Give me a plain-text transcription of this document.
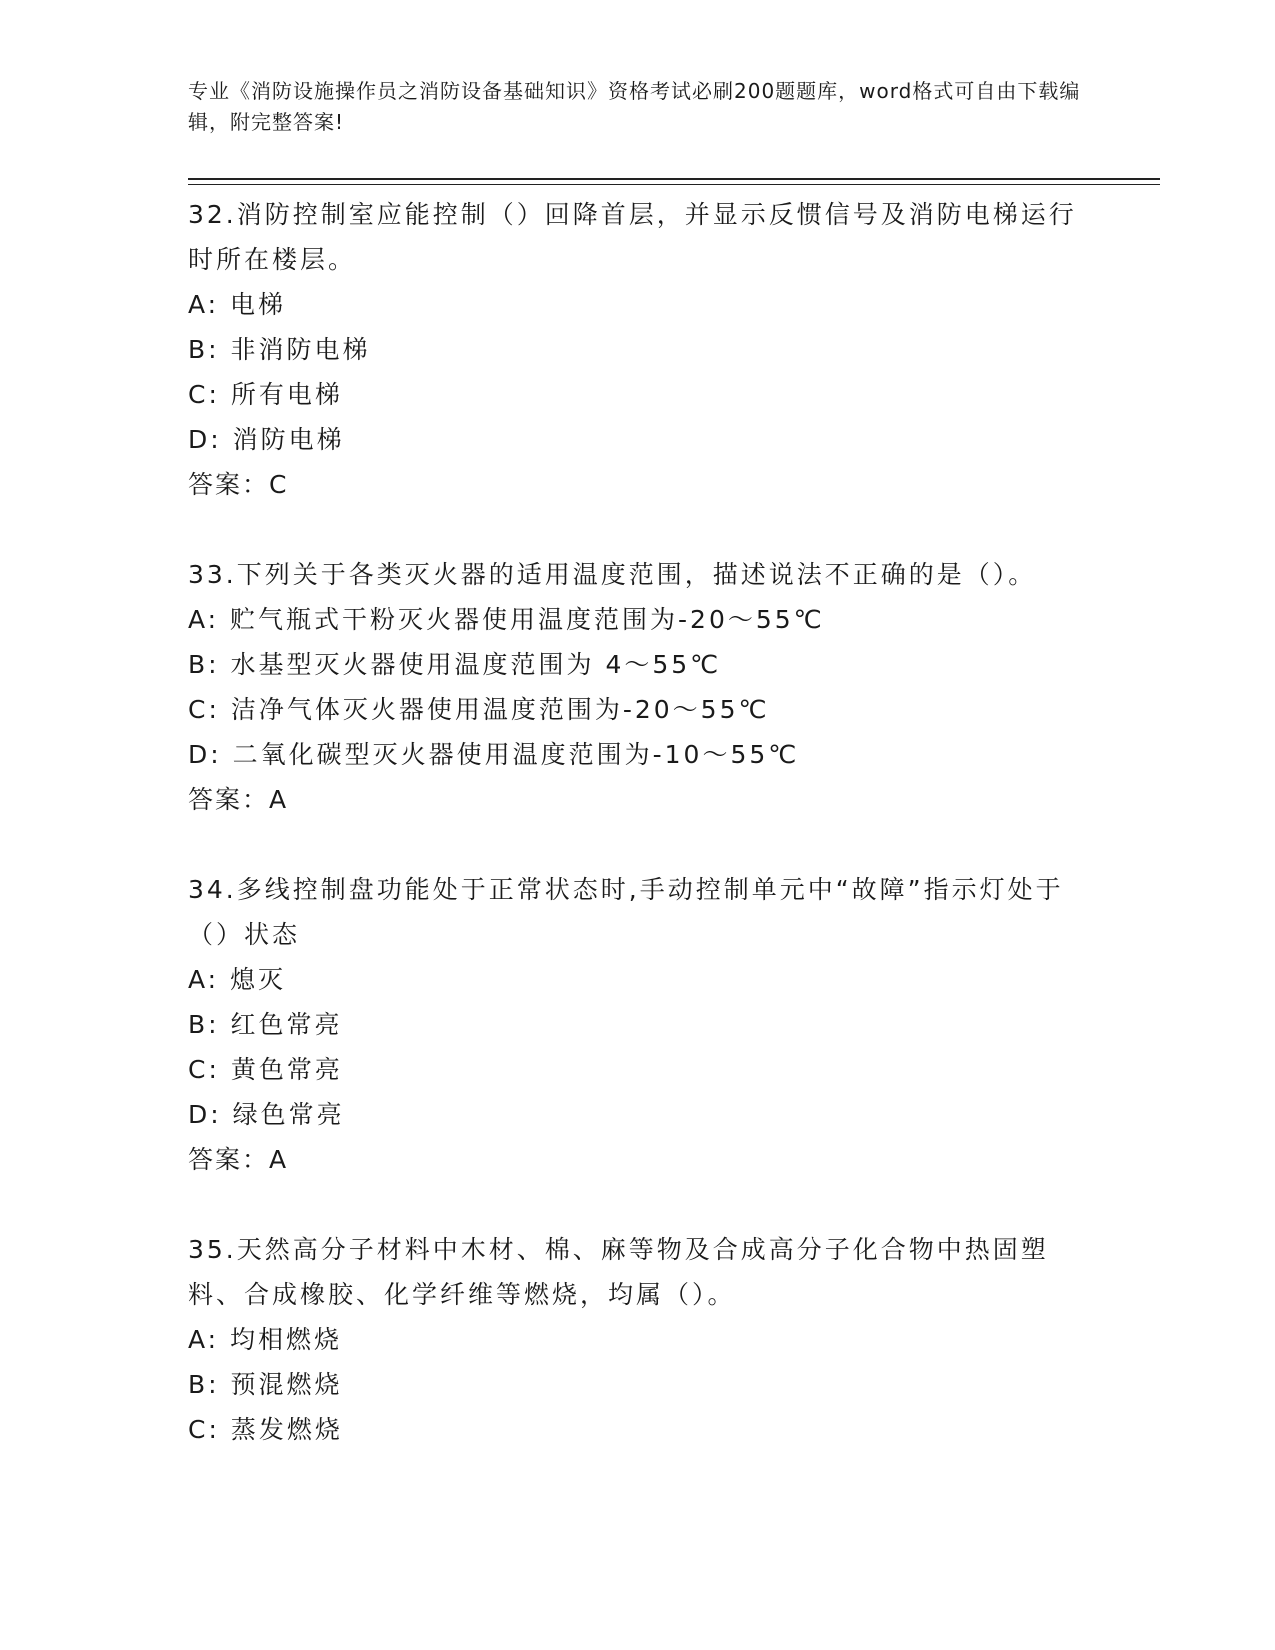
专业《消防设施操作员之消防设备基础知识》资格考试必刷200题题库，word格式可自由下载编辑，附完整答案!

32.消防控制室应能控制（）回降首层，并显示反惯信号及消防电梯运行时所在楼层。

A: 电梯

B: 非消防电梯

C: 所有电梯

D: 消防电梯

答案：C

33.下列关于各类灭火器的适用温度范围，描述说法不正确的是（）。

A: 贮气瓶式干粉灭火器使用温度范围为-20～55℃

B: 水基型灭火器使用温度范围为 4～55℃

C: 洁净气体灭火器使用温度范围为-20～55℃

D: 二氧化碳型灭火器使用温度范围为-10～55℃

答案：A

34.多线控制盘功能处于正常状态时,手动控制单元中“故障”指示灯处于（）状态

A: 熄灭

B: 红色常亮

C: 黄色常亮

D: 绿色常亮

答案：A

35.天然高分子材料中木材、棉、麻等物及合成高分子化合物中热固塑料、合成橡胶、化学纤维等燃烧，均属（）。

A: 均相燃烧

B: 预混燃烧

C: 蒸发燃烧
